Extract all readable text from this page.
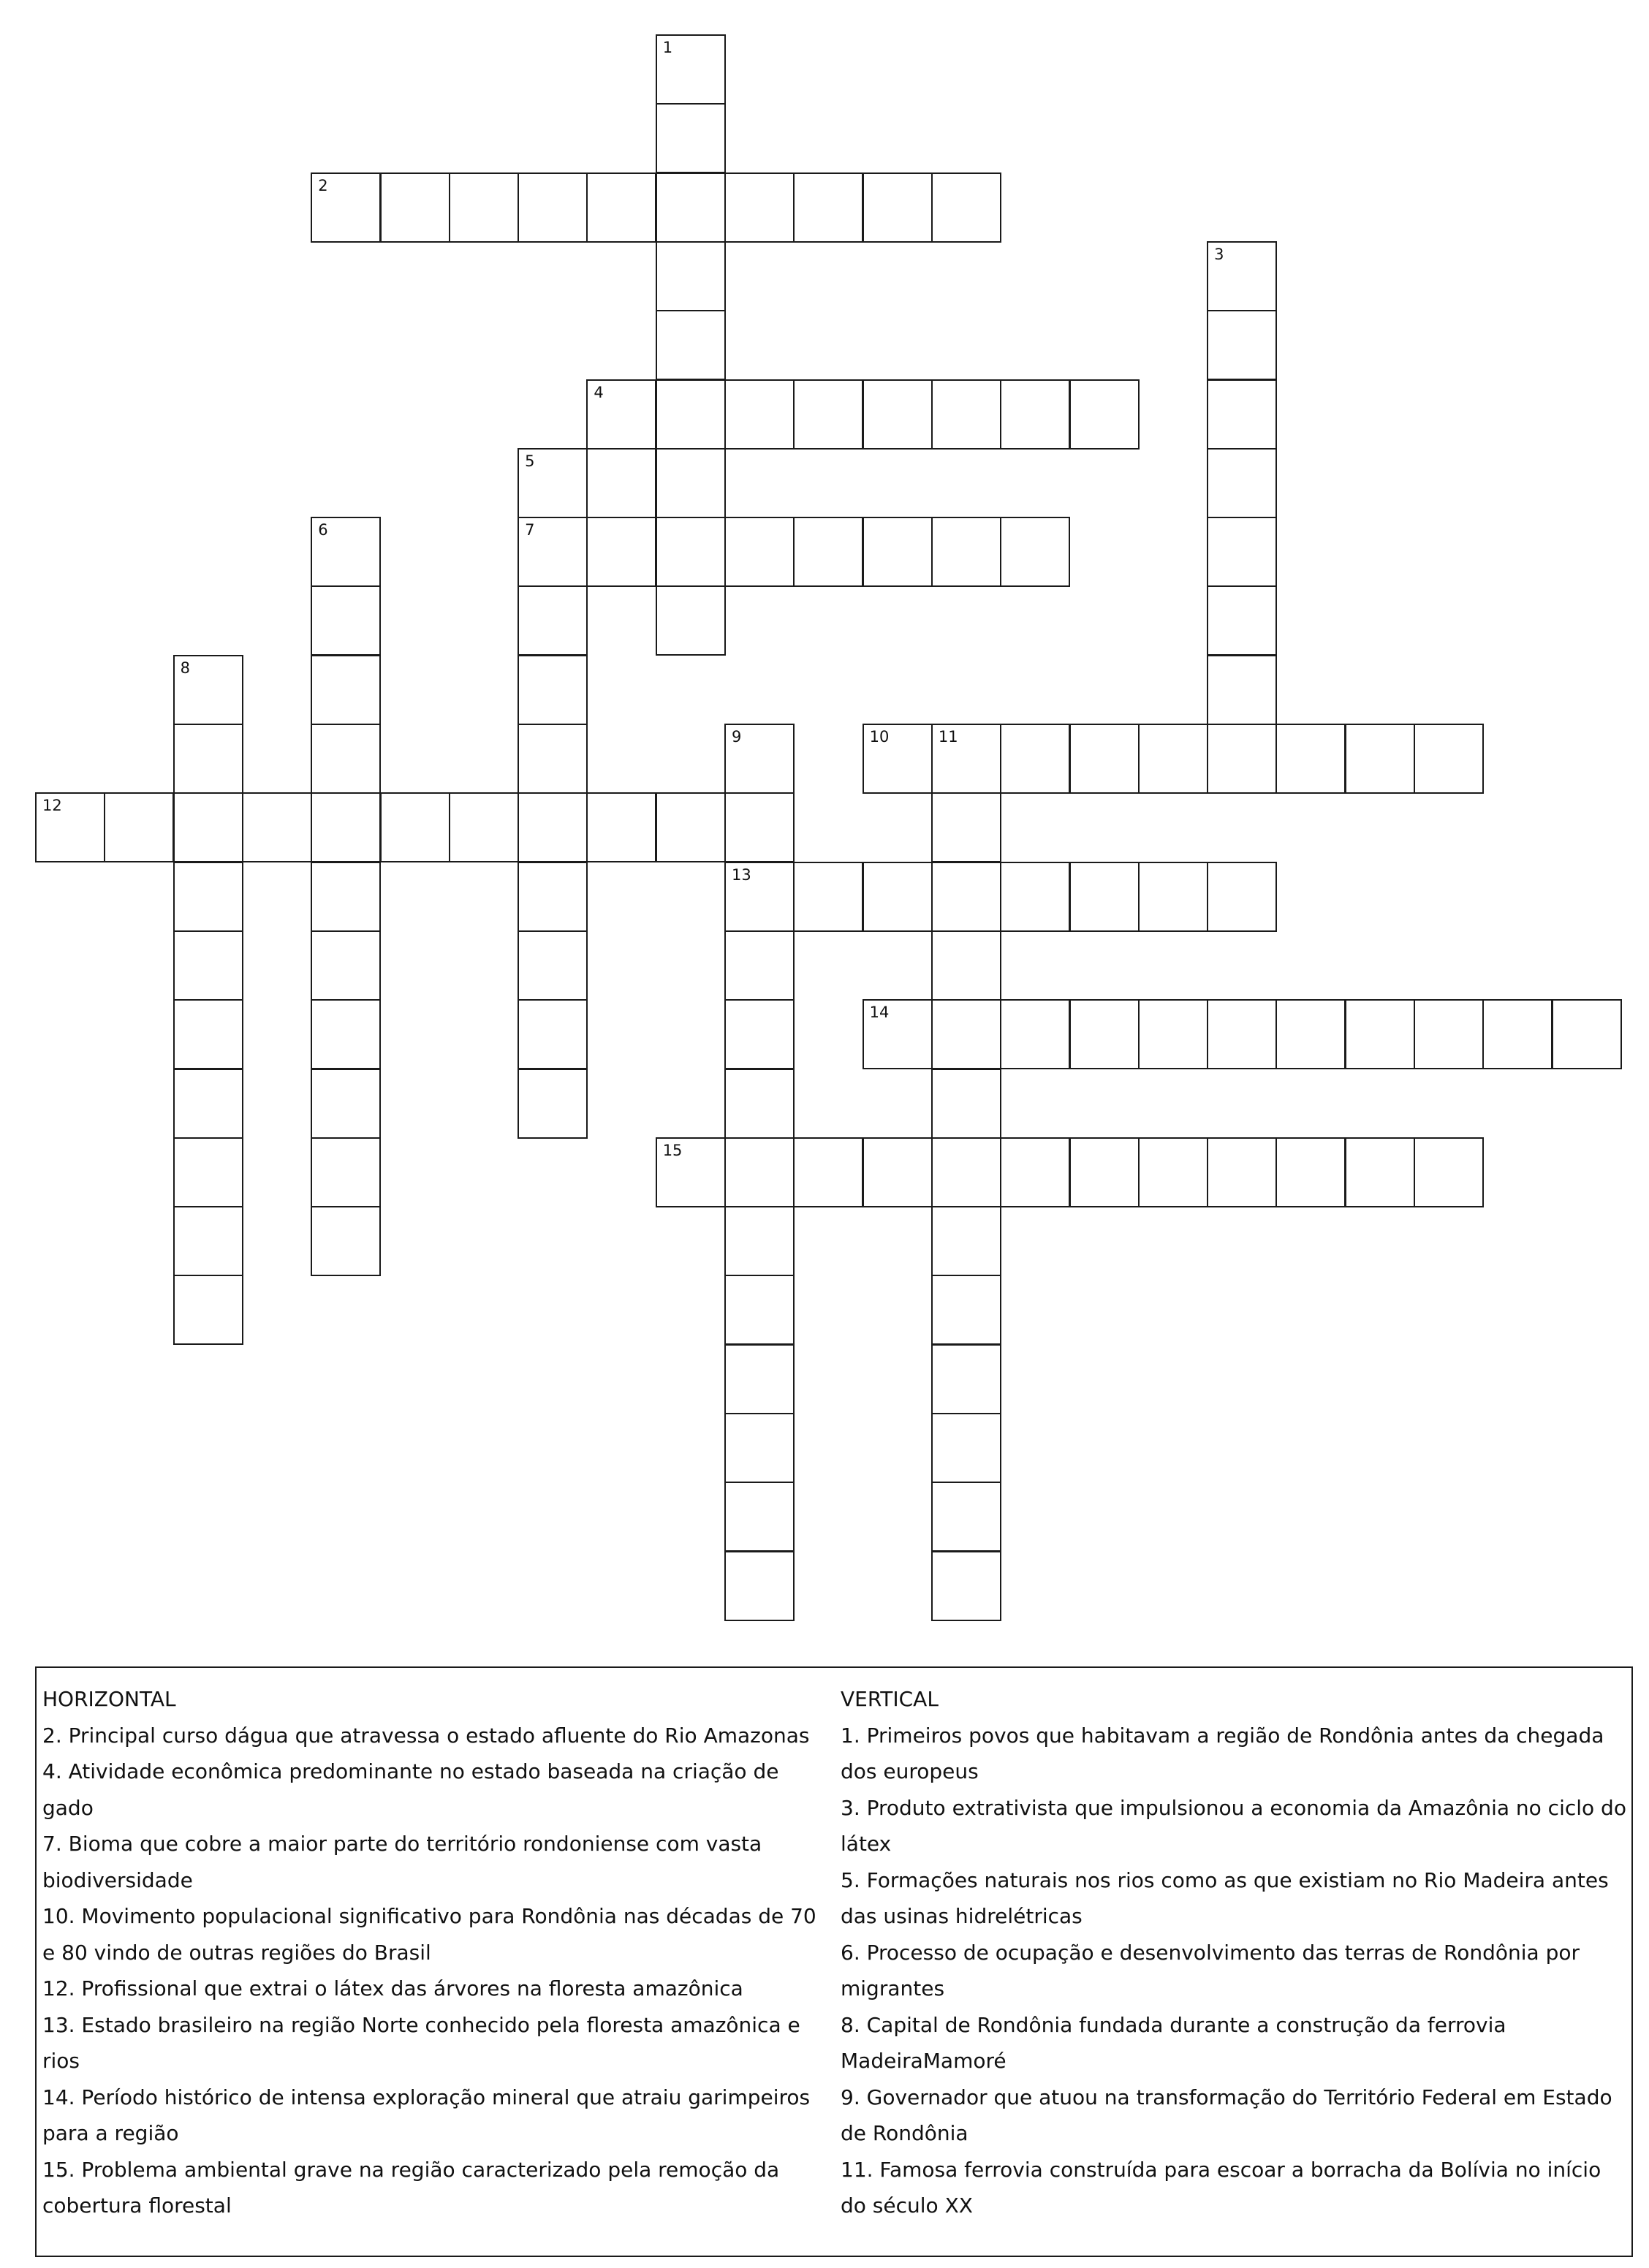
1
2
3
4
5
7
6
8
9
13
10	11
12
14
15
HORIZONTAL
2. Principal curso dágua que atravessa o estado afluente do Rio Amazonas
4. Atividade econômica predominante no estado baseada na criação de gado
7. Bioma que cobre a maior parte do território rondoniense com vasta biodiversidade
10. Movimento populacional significativo para Rondônia nas décadas de 70 e 80 vindo de outras regiões do Brasil
12. Profissional que extrai o látex das árvores na floresta amazônica
13. Estado brasileiro na região Norte conhecido pela floresta amazônica e rios
14. Período histórico de intensa exploração mineral que atraiu garimpeiros para a região
15. Problema ambiental grave na região caracterizado pela remoção da cobertura florestal
VERTICAL
1. Primeiros povos que habitavam a região de Rondônia antes da chegada dos europeus
3. Produto extrativista que impulsionou a economia da Amazônia no ciclo do látex
5. Formações naturais nos rios como as que existiam no Rio Madeira antes das usinas hidrelétricas
6. Processo de ocupação e desenvolvimento das terras de Rondônia por migrantes
8. Capital de Rondônia fundada durante a construção da ferrovia MadeiraMamoré
9. Governador que atuou na transformação do Território Federal em Estado de Rondônia
11. Famosa ferrovia construída para escoar a borracha da Bolívia no início do século XX
